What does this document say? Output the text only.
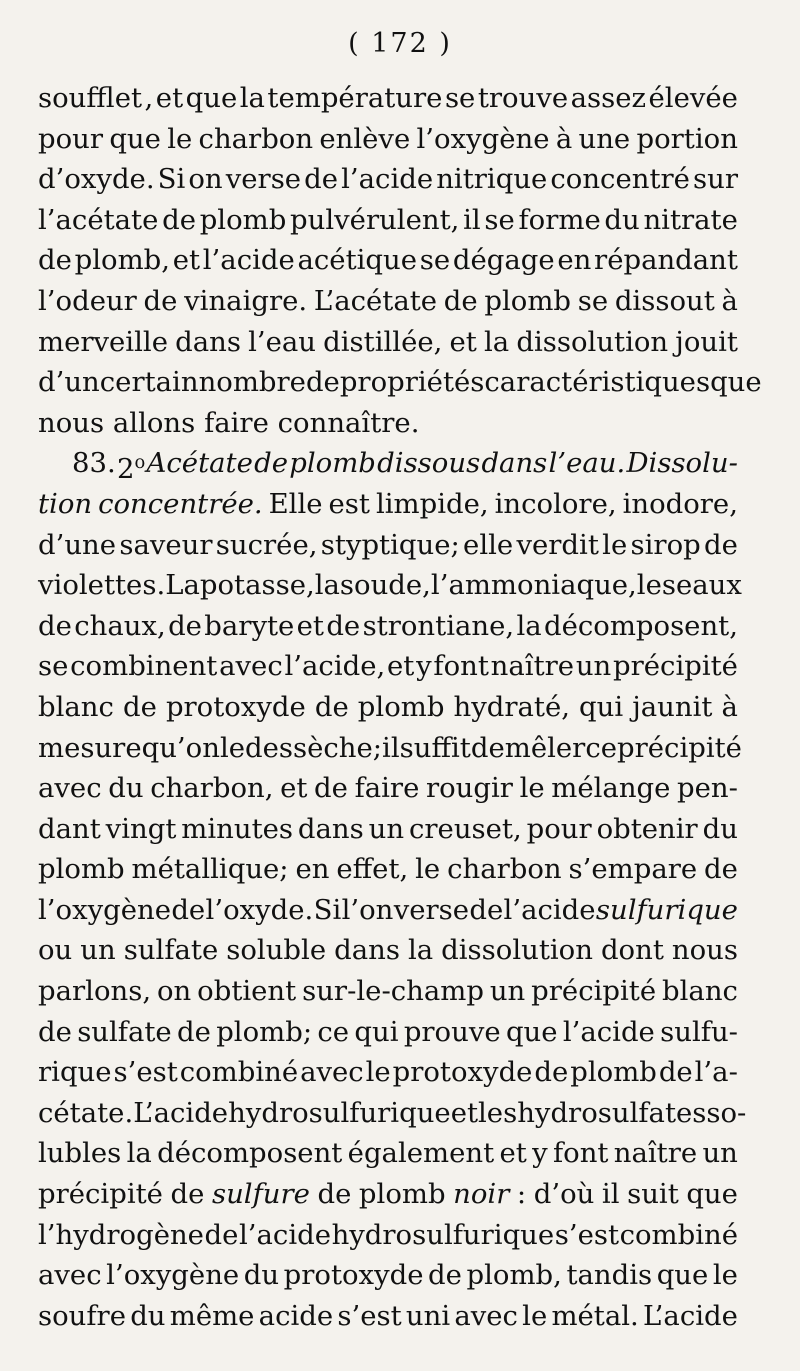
( 172 )
soufflet , et que la température se trouve assez élevée
pour que le charbon enlève l’oxygène à une portion
d’oxyde. Si on verse de l’acide nitrique concentré sur
l’acétate de plomb pulvérulent, il se forme du nitrate
de plomb, et l’acide acétique se dégage en répandant
l’odeur de vinaigre. L’acétate de plomb se dissout à
merveille dans l’eau distillée, et la dissolution jouit
d’un certain nombre de propriétés caractéristiques que
nous allons faire connaître.
83. 2$^o$ Acétate de plomb dissous dans l’eau. Dissolu-
tion concentrée. Elle est limpide, incolore, inodore,
d’une saveur sucrée, styptique; elle verdit le sirop de
violettes. La potasse, la soude, l’ammoniaque, les eaux
de chaux, de baryte et de strontiane, la décomposent,
se combinent avec l’acide, et y font naître un précipité
blanc de protoxyde de plomb hydraté, qui jaunit à
mesure qu’on le dessèche ; il suffit de mêler ce précipité
avec du charbon, et de faire rougir le mélange pen-
dant vingt minutes dans un creuset, pour obtenir du
plomb métallique; en effet, le charbon s’empare de
l’oxygène de l’oxyde. Si l’on verse de l’acide sulfurique
ou un sulfate soluble dans la dissolution dont nous
parlons, on obtient sur-le-champ un précipité blanc
de sulfate de plomb; ce qui prouve que l’acide sulfu-
rique s’est combiné avec le protoxyde de plomb de l’a-
cétate. L’acide hydrosulfurique et les hydrosulfates so-
lubles la décomposent également et y font naître un
précipité de sulfure de plomb noir : d’où il suit que
l’hydrogène de l’acide hydrosulfurique s’est combiné
avec l’oxygène du protoxyde de plomb, tandis que le
soufre du même acide s’est uni avec le métal. L’acide
